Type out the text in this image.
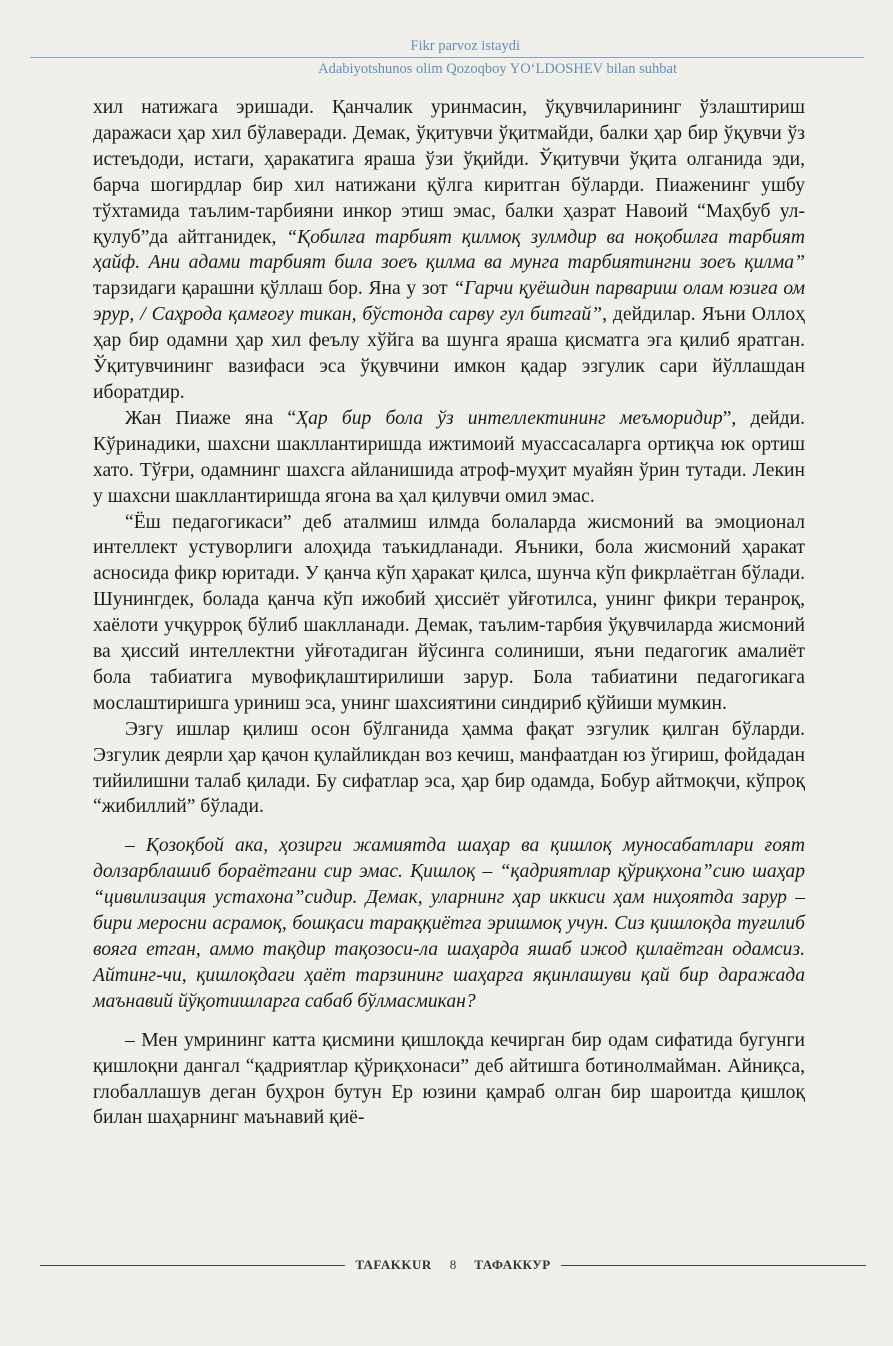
Fikr parvoz istaydi
Adabiyotshunos olim Qozoqboy YO‘LDOSHEV bilan suhbat

хил натижага эришади. Қанчалик уринмасин, ўқувчиларининг ўзлаштириш даражаси ҳар хил бўлаверади. Демак, ўқитувчи ўқитмайди, балки ҳар бир ўқувчи ўз истеъдоди, истаги, ҳаракатига яраша ўзи ўқийди. Ўқитувчи ўқита олганида эди, барча шогирдлар бир хил натижани қўлга киритган бўларди. Пиаженинг ушбу тўхтамида таълим-тарбияни инкор этиш эмас, балки ҳазрат Навоий “Маҳбуб ул-қулуб”да айтганидек, “Қобилға тарбият қилмоқ зулмдир ва ноқобилға тарбият ҳайф. Ани адами тарбият била зоеъ қилма ва мунга тарбиятингни зоеъ қилма” тарзидаги қарашни қўллаш бор. Яна у зот “Гарчи қуёшдин парвариш олам юзиға ом эрур, / Саҳрода қамғоғу тикан, бўстонда сарву гул битгай”, дейдилар. Яъни Оллоҳ ҳар бир одамни ҳар хил феълу хўйга ва шунга яраша қисматга эга қилиб яратган. Ўқитувчининг вазифаси эса ўқувчини имкон қадар эзгулик сари йўллашдан иборатдир.

Жан Пиаже яна “Ҳар бир бола ўз интеллектининг меъморидир”, дейди. Кўринадики, шахсни шакллантиришда ижтимоий муассасаларга ортиқча юк ортиш хато. Тўғри, одамнинг шахсга айланишида атроф-муҳит муайян ўрин тутади. Лекин у шахсни шакллантиришда ягона ва ҳал қилувчи омил эмас.

“Ёш педагогикаси” деб аталмиш илмда болаларда жисмоний ва эмоционал интеллект устуворлиги алоҳида таъкидланади. Яъники, бола жисмоний ҳаракат асносида фикр юритади. У қанча кўп ҳаракат қилса, шунча кўп фикрлаётган бўлади. Шунингдек, болада қанча кўп ижобий ҳиссиёт уйғотилса, унинг фикри теранроқ, хаёлоти учқурроқ бўлиб шаклланади. Демак, таълим-тарбия ўқувчиларда жисмоний ва ҳиссий интеллектни уйғотадиган йўсинга солиниши, яъни педагогик амалиёт бола табиатига мувофиқлаштирилиши зарур. Бола табиатини педагогикага мослаштиришга уриниш эса, унинг шахсиятини синдириб қўйиши мумкин.

Эзгу ишлар қилиш осон бўлганида ҳамма фақат эзгулик қилган бўларди. Эзгулик деярли ҳар қачон қулайликдан воз кечиш, манфаатдан юз ўгириш, фойдадан тийилишни талаб қилади. Бу сифатлар эса, ҳар бир одамда, Бобур айтмоқчи, кўпроқ “жибиллий” бўлади.

– Қозоқбой ака, ҳозирги жамиятда шаҳар ва қишлоқ муносабатлари ғоят долзарблашиб бораётгани сир эмас. Қишлоқ – “қадриятлар қўриқхона”сию шаҳар “цивилизация устахона”сидир. Демак, уларнинг ҳар иккиси ҳам ниҳоятда зарур – бири меросни асрамоқ, бошқаси тараққиётга эришмоқ учун. Сиз қишлоқда туғилиб вояга етган, аммо тақдир тақозоси-ла шаҳарда яшаб ижод қилаётган одамсиз. Айтинг-чи, қишлоқдаги ҳаёт тарзининг шаҳарга яқинлашуви қай бир даражада маънавий йўқотишларга сабаб бўлмасмикан?

– Мен умрининг катта қисмини қишлоқда кечирган бир одам сифатида бугунги қишлоқни дангал “қадриятлар қўриқхонаси” деб айтишга ботинолмайман. Айниқса, глобаллашув деган буҳрон бутун Ер юзини қамраб олган бир шароитда қишлоқ билан шаҳарнинг маънавий қиё-

TAFAKKUR	8	ТАФАККУР
